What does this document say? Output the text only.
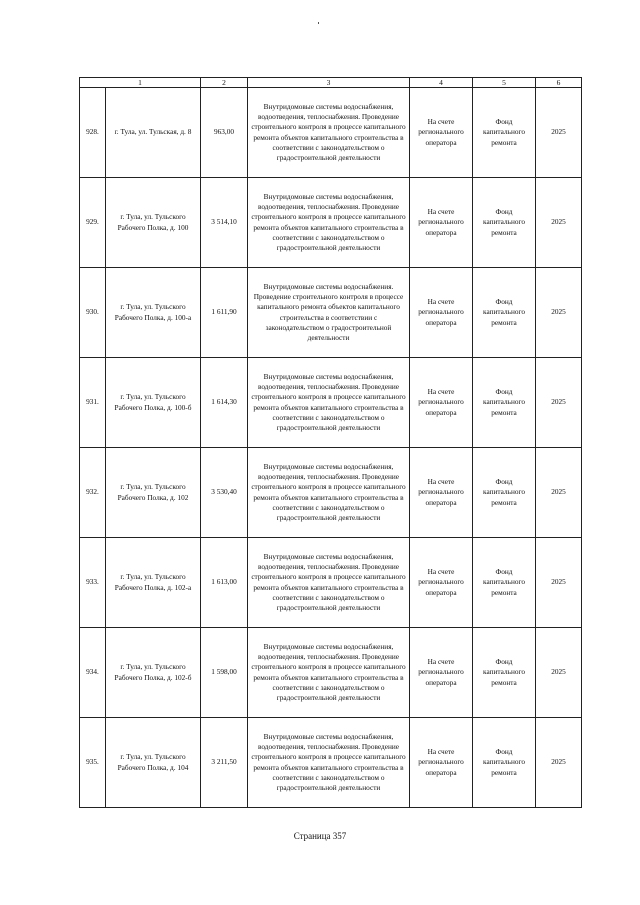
1		2	3	4	5	6
928.	г. Тула, ул. Тульская, д. 8	963,00	Внутридомовые системы водоснабжения, водоотведения, теплоснабжения. Проведение строительного контроля в процессе капитального ремонта объектов капитального строительства в соответствии с законодательством о градостроительной деятельности	На счете регионального оператора	Фонд капитального ремонта	2025
929.	г. Тула, ул. Тульского Рабочего Полка, д. 100	3 514,10	Внутридомовые системы водоснабжения, водоотведения, теплоснабжения. Проведение строительного контроля в процессе капитального ремонта объектов капитального строительства в соответствии с законодательством о градостроительной деятельности	На счете регионального оператора	Фонд капитального ремонта	2025
930.	г. Тула, ул. Тульского Рабочего Полка, д. 100-а	1 611,90	Внутридомовые системы водоснабжения. Проведение строительного контроля в процессе капитального ремонта объектов капитального строительства в соответствии с законодательством о градостроительной деятельности	На счете регионального оператора	Фонд капитального ремонта	2025
931.	г. Тула, ул. Тульского Рабочего Полка, д. 100-б	1 614,30	Внутридомовые системы водоснабжения, водоотведения, теплоснабжения. Проведение строительного контроля в процессе капитального ремонта объектов капитального строительства в соответствии с законодательством о градостроительной деятельности	На счете регионального оператора	Фонд капитального ремонта	2025
932.	г. Тула, ул. Тульского Рабочего Полка, д. 102	3 530,40	Внутридомовые системы водоснабжения, водоотведения, теплоснабжения. Проведение строительного контроля в процессе капитального ремонта объектов капитального строительства в соответствии с законодательством о градостроительной деятельности	На счете регионального оператора	Фонд капитального ремонта	2025
933.	г. Тула, ул. Тульского Рабочего Полка, д. 102-а	1 613,00	Внутридомовые системы водоснабжения, водоотведения, теплоснабжения. Проведение строительного контроля в процессе капитального ремонта объектов капитального строительства в соответствии с законодательством о градостроительной деятельности	На счете регионального оператора	Фонд капитального ремонта	2025
934.	г. Тула, ул. Тульского Рабочего Полка, д. 102-б	1 598,00	Внутридомовые системы водоснабжения, водоотведения, теплоснабжения. Проведение строительного контроля в процессе капитального ремонта объектов капитального строительства в соответствии с законодательством о градостроительной деятельности	На счете регионального оператора	Фонд капитального ремонта	2025
935.	г. Тула, ул. Тульского Рабочего Полка, д. 104	3 211,50	Внутридомовые системы водоснабжения, водоотведения, теплоснабжения. Проведение строительного контроля в процессе капитального ремонта объектов капитального строительства в соответствии с законодательством о градостроительной деятельности	На счете регионального оператора	Фонд капитального ремонта	2025
Страница 357
